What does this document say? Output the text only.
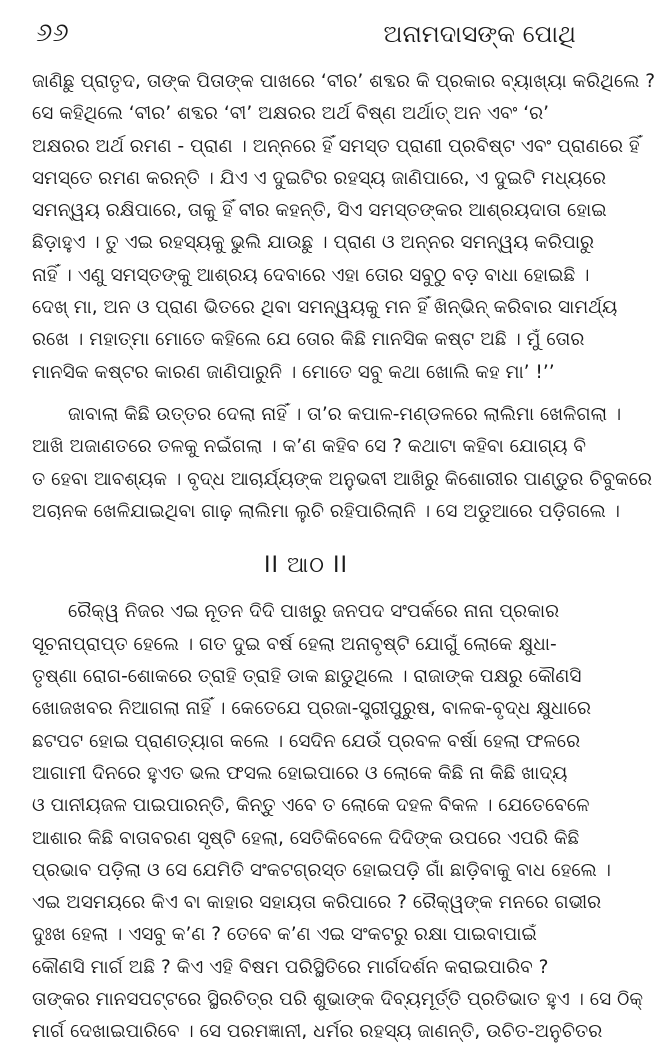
୬୬	ଅନାମଦାସଙ୍କ ପୋଥି
ଜାଣିଛୁ ପ୍ରାତୃଦ, ତାଙ୍କ ପିତାଙ୍କ ପାଖରେ ‘ବୀର’ ଶବ୍ଦର କି ପ୍ରକାର ବ୍ୟାଖ୍ୟା କରିଥିଲେ ?
ସେ କହିଥିଲେ ‘ବୀର’ ଶବ୍ଦର ‘ବୀ’ ଅକ୍ଷରର ଅର୍ଥ ବିଷ୍ଣ ଅର୍ଥାତ୍ ଅନ ଏବଂ ‘ର’
ଅକ୍ଷରର ଅର୍ଥ ରମଣ - ପ୍ରାଣ । ଅନ୍ନରେ ହିଁ ସମସ୍ତ ପ୍ରାଣୀ ପ୍ରବିଷ୍ଟ ଏବଂ ପ୍ରାଣରେ ହିଁ
ସମସ୍ତେ ରମଣ କରନ୍ତି । ଯିଏ ଏ ଦୁଇଟିର ରହସ୍ୟ ଜାଣିପାରେ, ଏ ଦୁଇଟି ମଧ୍ୟରେ
ସମନ୍ୱୟ ରକ୍ଷିପାରେ, ତାକୁ ହିଁ ବୀର କହନ୍ତି, ସିଏ ସମସ୍ତଙ୍କର ଆଶ୍ରୟଦାତା ହୋଇ
ଛିଡ଼ାହୁଏ । ତୁ ଏଇ ରହସ୍ୟକୁ ଭୁଲି ଯାଉଛୁ । ପ୍ରାଣ ଓ ଅନ୍ନର ସମନ୍ୱୟ କରିପାରୁ
ନାହିଁ । ଏଣୁ ସମସ୍ତଙ୍କୁ ଆଶ୍ରୟ ଦେବାରେ ଏହା ତୋର ସବୁଠୁ ବଡ଼ ବାଧା ହୋଇଛି ।
ଦେଖ୍ ମା, ଅନ ଓ ପ୍ରାଣ ଭିତରେ ଥିବା ସମନ୍ୱୟକୁ ମନ ହିଁ ଖିନ୍‌ଭିନ୍ କରିବାର ସାମର୍ଥ୍ୟ
ରଖେ । ମହାତ୍ମା ମୋତେ କହିଲେ ଯେ ତୋର କିଛି ମାନସିକ କଷ୍ଟ ଅଛି । ମୁଁ ତୋର
ମାନସିକ କଷ୍ଟର କାରଣ ଜାଣିପାରୁନି । ମୋତେ ସବୁ କଥା ଖୋଲି କହ ମା’ !’’
ଜାବାଲା କିଛି ଉତ୍ତର ଦେଲା ନାହିଁ । ତା’ର କପାଳ-ମଣ୍ଡଳରେ ଲାଲିମା ଖେଳିଗଲା ।
ଆଖି ଅଜାଣତରେ ତଳକୁ ନଇଁଗଲା । କ’ଣ କହିବ ସେ ? କଥାଟା କହିବା ଯୋଗ୍ୟ ବି
ତ ହେବା ଆବଶ୍ୟକ । ବୃଦ୍ଧ ଆଚାର୍ଯ୍ୟଙ୍କ ଅନୁଭବୀ ଆଖିରୁ କିଶୋରୀର ପାଣ୍ଡୁର ଚିବୁକରେ
ଅଚାନକ ଖେଳିଯାଇଥିବା ଗାଢ଼ ଲାଲିମା ଲୁଚି ରହିପାରିଲାନି । ସେ ଅଡୁଆରେ ପଡ଼ିଗଲେ ।
II ଆଠ II
ରୈକ୍ୱ ନିଜର ଏଇ ନୂତନ ଦିଦି ପାଖରୁ ଜନପଦ ସଂପର୍କରେ ନାନା ପ୍ରକାର
ସୂଚନାପ୍ରାପ୍ତ ହେଲେ । ଗତ ଦୁଇ ବର୍ଷ ହେଲା ଅନାବୃଷ୍ଟି ଯୋଗୁଁ ଲୋକେ କ୍ଷୁଧା-
ତୃଷ୍ଣା ରୋଗ-ଶୋକରେ ତ୍ରାହି ତ୍ରାହି ଡାକ ଛାଡୁଥିଲେ । ରାଜାଙ୍କ ପକ୍ଷରୁ କୌଣସି
ଖୋଜଖବର ନିଆଗଲା ନାହିଁ । କେତେଯେ ପ୍ରଜା-ସ୍ତ୍ରୀପୁରୁଷ, ବାଳକ-ବୃଦ୍ଧ କ୍ଷୁଧାରେ
ଛଟପଟ ହୋଇ ପ୍ରାଣତ୍ୟାଗ କଲେ । ସେଦିନ ଯେଉଁ ପ୍ରବଳ ବର୍ଷା ହେଲା ଫଳରେ
ଆଗାମୀ ଦିନରେ ହୁଏତ ଭଲ ଫସଲ ହୋଇପାରେ ଓ ଲୋକେ କିଛି ନା କିଛି ଖାଦ୍ୟ
ଓ ପାନୀୟଜଳ ପାଇପାରନ୍ତି, କିନ୍ତୁ ଏବେ ତ ଲୋକେ ଦହଳ ବିକଳ । ଯେତେବେଳେ
ଆଶାର କିଛି ବାତାବରଣ ସୃଷ୍ଟି ହେଲା, ସେତିକିବେଳେ ଦିଦିଙ୍କ ଉପରେ ଏପରି କିଛି
ପ୍ରଭାବ ପଡ଼ିଲା ଓ ସେ ଯେମିତି ସଂକଟଗ୍ରସ୍ତ ହୋଇପଡ଼ି ଗାଁ ଛାଡ଼ିବାକୁ ବାଧ ହେଲେ ।
ଏଇ ଅସମୟରେ କିଏ ବା କାହାର ସହାୟତା କରିପାରେ ? ରୈକ୍ୱଙ୍କ ମନରେ ଗଭୀର
ଦୁଃଖ ହେଲା । ଏସବୁ କ’ଣ ? ତେବେ କ’ଣ ଏଇ ସଂକଟରୁ ରକ୍ଷା ପାଇବାପାଇଁ
କୌଣସି ମାର୍ଗ ଅଛି ? କିଏ ଏହି ବିଷମ ପରିସ୍ଥିତିରେ ମାର୍ଗଦର୍ଶନ କରାଇପାରିବ ?
ତାଙ୍କର ମାନସପଟ୍ଟରେ ସ୍ଥିରଚିତ୍ର ପରି ଶୁଭାଙ୍କ ଦିବ୍ୟମୂର୍ତ୍ତି ପ୍ରତିଭାତ ହୁଏ । ସେ ଠିକ୍
ମାର୍ଗ ଦେଖାଇପାରିବେ । ସେ ପରମଜ୍ଞାନୀ, ଧର୍ମର ରହସ୍ୟ ଜାଣନ୍ତି, ଉଚିତ-ଅନୁଚିତର
